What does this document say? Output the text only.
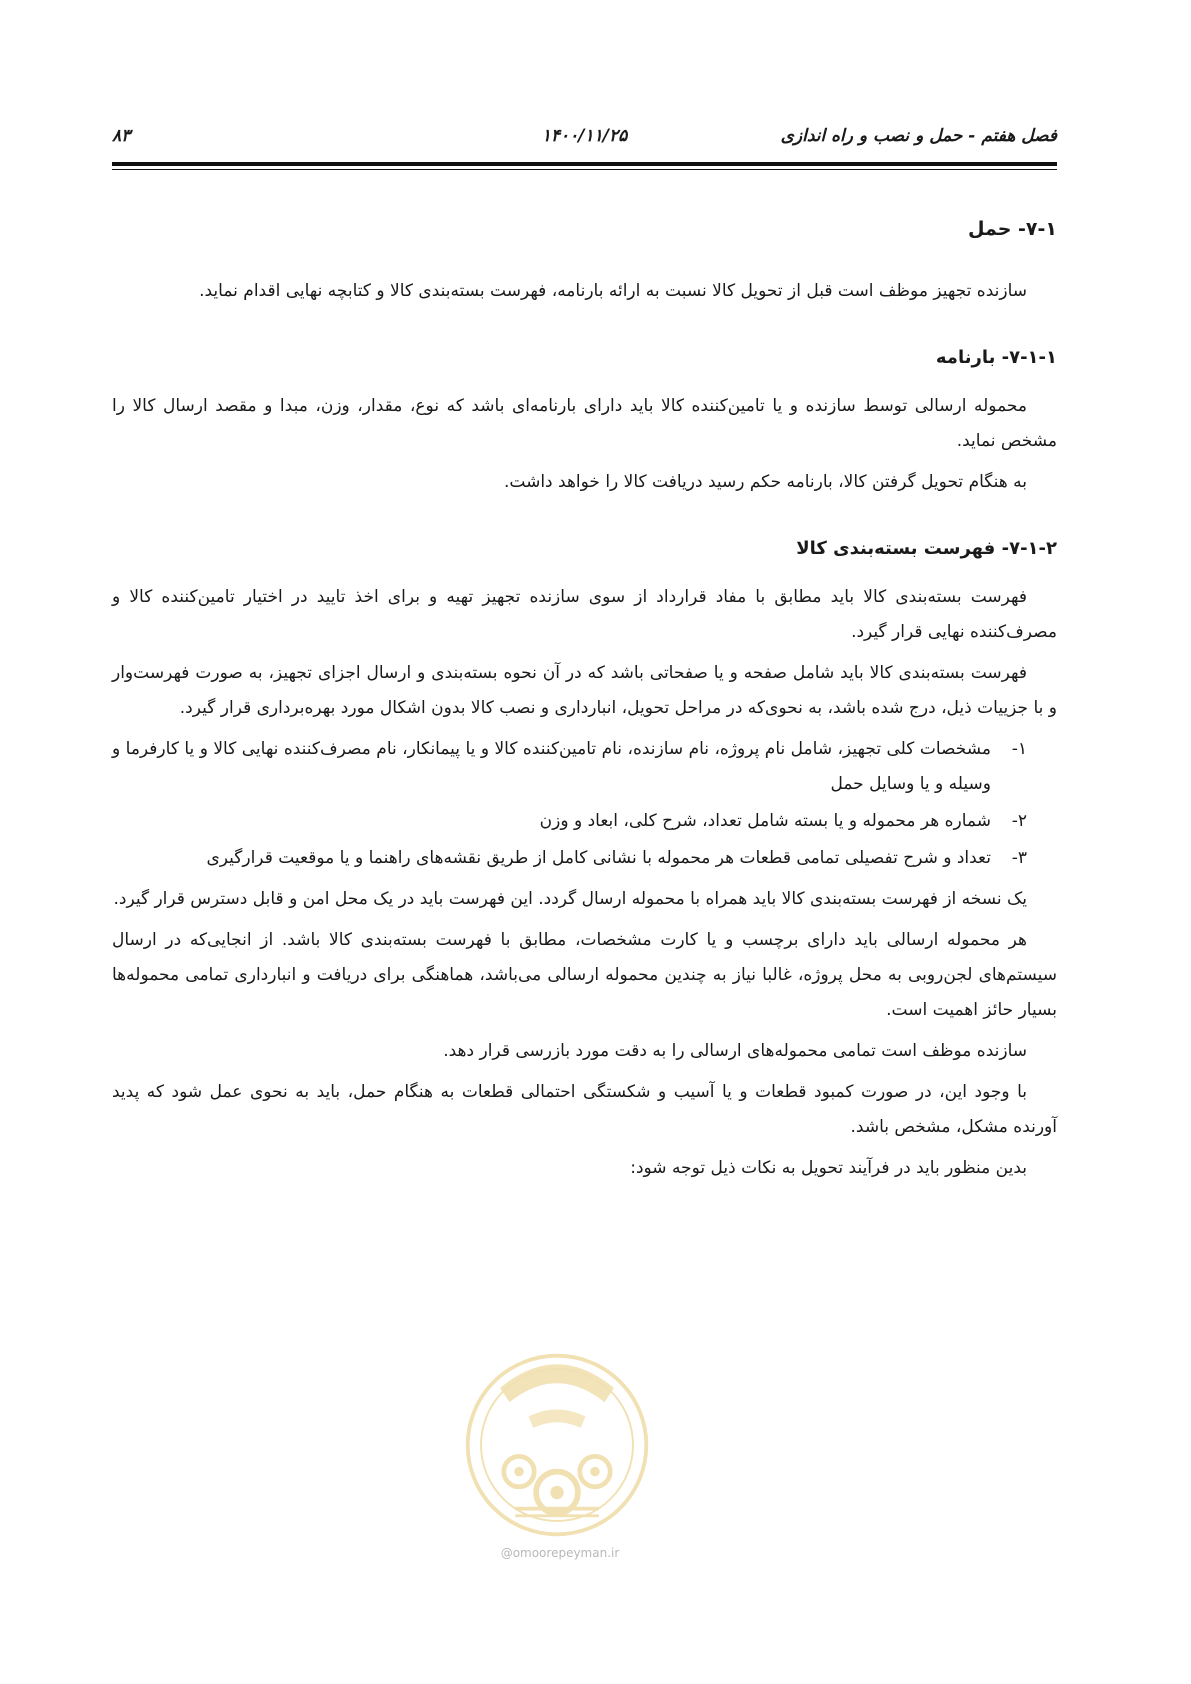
فصل هفتم - حمل و نصب و راه اندازی
۱۴۰۰/۱۱/۲۵
۸۳
۷-۱- حمل

سازنده تجهیز موظف است قبل از تحویل کالا نسبت به ارائه بارنامه، فهرست بسته‌بندی کالا و کتابچه نهایی اقدام نماید.

۷-۱-۱- بارنامه

محموله ارسالی توسط سازنده و یا تامین‌کننده کالا باید دارای بارنامه‌ای باشد که نوع، مقدار، وزن، مبدا و مقصد ارسال کالا را مشخص نماید.

به هنگام تحویل گرفتن کالا، بارنامه حکم رسید دریافت کالا را خواهد داشت.

۷-۱-۲- فهرست بسته‌بندی کالا

فهرست بسته‌بندی کالا باید مطابق با مفاد قرارداد از سوی سازنده تجهیز تهیه و برای اخذ تایید در اختیار تامین‌کننده کالا و مصرف‌کننده نهایی قرار گیرد.

فهرست بسته‌بندی کالا باید شامل صفحه و یا صفحاتی باشد که در آن نحوه بسته‌بندی و ارسال اجزای تجهیز، به صورت فهرست‌وار و با جزییات ذیل، درج شده باشد، به نحوی‌که در مراحل تحویل، انبارداری و نصب کالا بدون اشکال مورد بهره‌برداری قرار گیرد.

۱-
مشخصات کلی تجهیز، شامل نام پروژه، نام سازنده، نام تامین‌کننده کالا و یا پیمانکار، نام مصرف‌کننده نهایی کالا و یا کارفرما و وسیله و یا وسایل حمل
۲-
شماره هر محموله و یا بسته شامل تعداد، شرح کلی، ابعاد و وزن
۳-
تعداد و شرح تفصیلی تمامی قطعات هر محموله با نشانی کامل از طریق نقشه‌های راهنما و یا موقعیت قرارگیری

یک نسخه از فهرست بسته‌بندی کالا باید همراه با محموله ارسال گردد. این فهرست باید در یک محل امن و قابل دسترس قرار گیرد.

هر محموله ارسالی باید دارای برچسب و یا کارت مشخصات، مطابق با فهرست بسته‌بندی کالا باشد. از انجایی‌که در ارسال سیستم‌های لجن‌روبی به محل پروژه، غالبا نیاز به چندین محموله ارسالی می‌باشد، هماهنگی برای دریافت و انبارداری تمامی محموله‌ها بسیار حائز اهمیت است.

سازنده موظف است تمامی محموله‌های ارسالی را به دقت مورد بازرسی قرار دهد.

با وجود این، در صورت کمبود قطعات و یا آسیب و شکستگی احتمالی قطعات به هنگام حمل، باید به نحوی عمل شود که پدید آورنده مشکل، مشخص باشد.

بدین منظور باید در فرآیند تحویل به نکات ذیل توجه شود:

@omoorepeyman.ir
